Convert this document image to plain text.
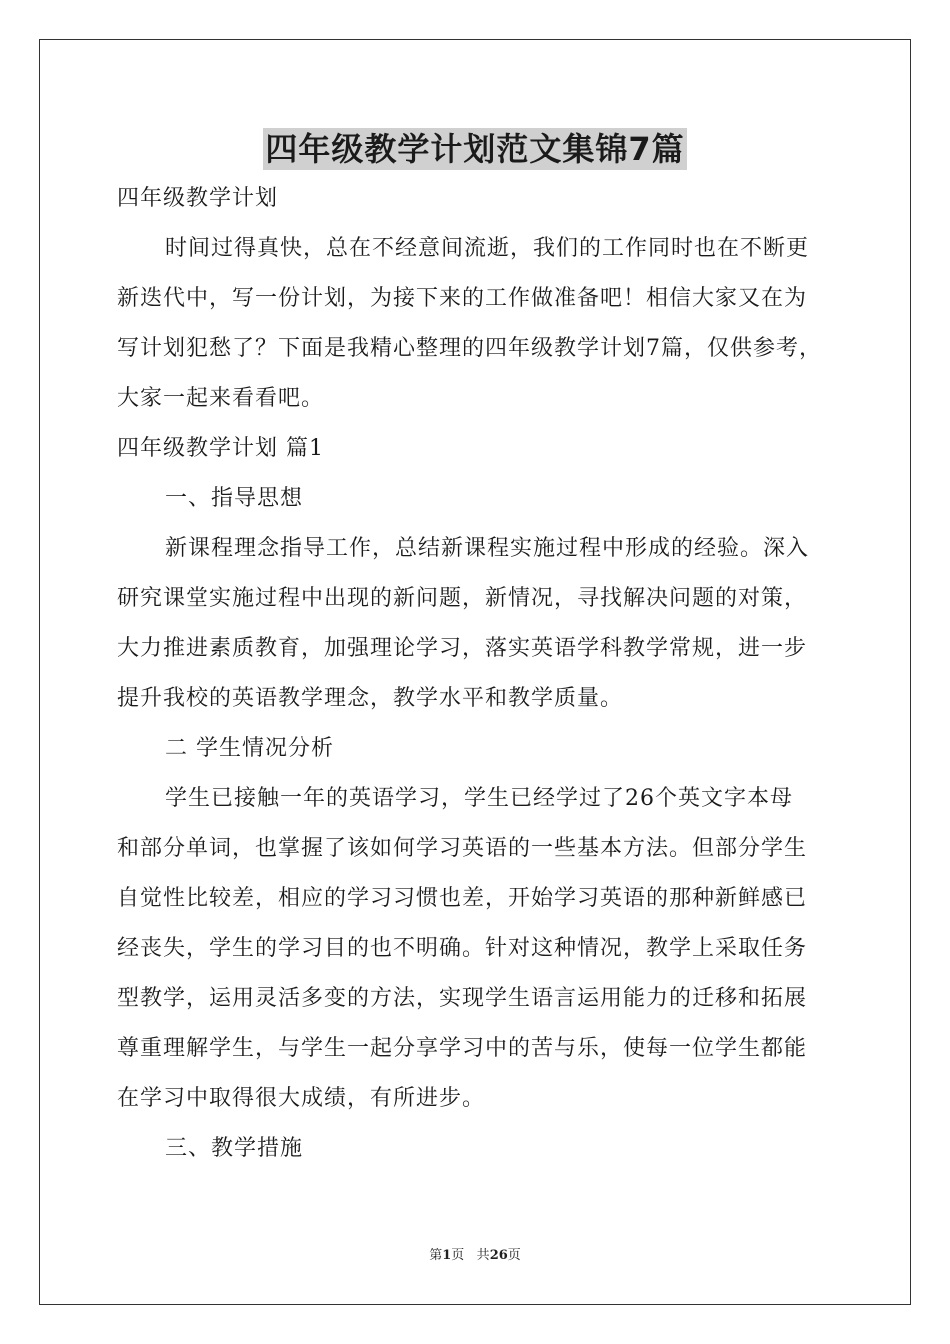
四年级教学计划范文集锦7篇
四年级教学计划
时间过得真快，总在不经意间流逝，我们的工作同时也在不断更
新迭代中，写一份计划，为接下来的工作做准备吧！相信大家又在为
写计划犯愁了？下面是我精心整理的四年级教学计划7篇，仅供参考，
大家一起来看看吧。
四年级教学计划 篇1
一、指导思想
新课程理念指导工作，总结新课程实施过程中形成的经验。深入
研究课堂实施过程中出现的新问题，新情况，寻找解决问题的对策，
大力推进素质教育，加强理论学习，落实英语学科教学常规，进一步
提升我校的英语教学理念，教学水平和教学质量。
二 学生情况分析
学生已接触一年的英语学习，学生已经学过了26个英文字本母
和部分单词，也掌握了该如何学习英语的一些基本方法。但部分学生
自觉性比较差，相应的学习习惯也差，开始学习英语的那种新鲜感已
经丧失，学生的学习目的也不明确。针对这种情况，教学上采取任务
型教学，运用灵活多变的方法，实现学生语言运用能力的迁移和拓展
尊重理解学生，与学生一起分享学习中的苦与乐，使每一位学生都能
在学习中取得很大成绩，有所进步。
三、教学措施
第1页 共26页
